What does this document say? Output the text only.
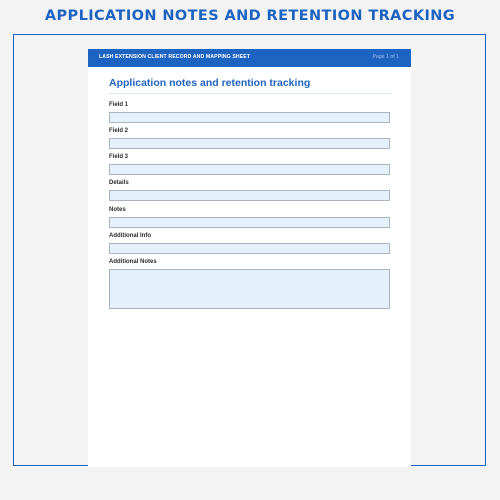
APPLICATION NOTES AND RETENTION TRACKING
LASH EXTENSION CLIENT RECORD AND MAPPING SHEET	Page 1 of 1
Application notes and retention tracking
Field 1
Field 2
Field 3
Details
Notes
Additional Info
Additional Notes
